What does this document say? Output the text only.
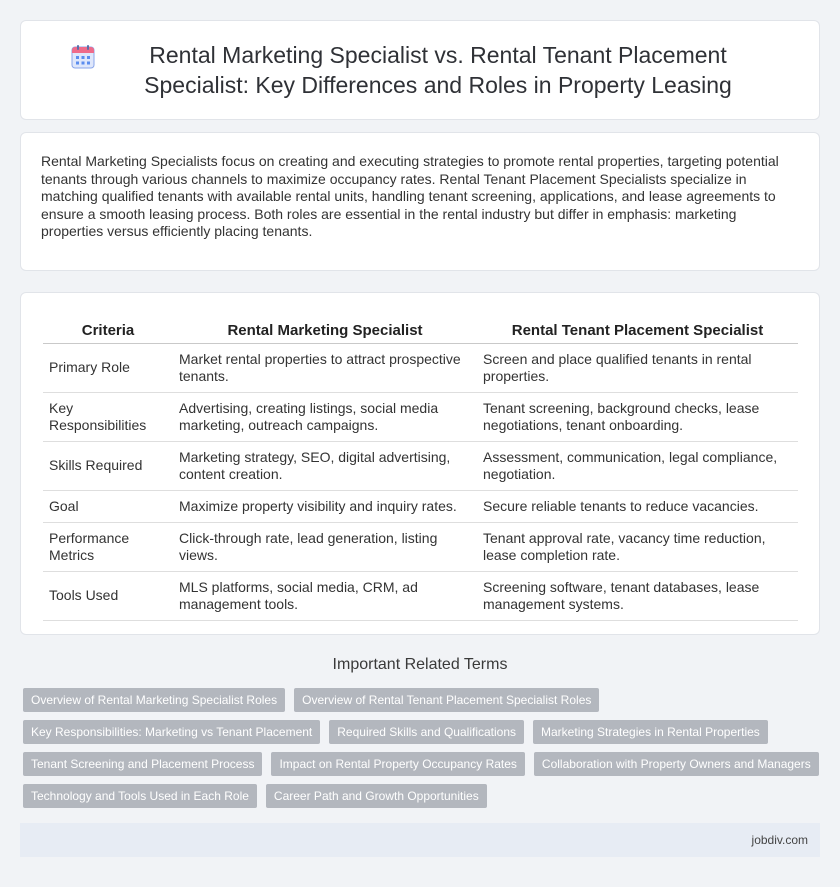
Rental Marketing Specialist vs. Rental Tenant Placement Specialist: Key Differences and Roles in Property Leasing

Rental Marketing Specialists focus on creating and executing strategies to promote rental properties, targeting potential tenants through various channels to maximize occupancy rates. Rental Tenant Placement Specialists specialize in matching qualified tenants with available rental units, handling tenant screening, applications, and lease agreements to ensure a smooth leasing process. Both roles are essential in the rental industry but differ in emphasis: marketing properties versus efficiently placing tenants.

Criteria	Rental Marketing Specialist	Rental Tenant Placement Specialist
Primary Role	Market rental properties to attract prospective tenants.	Screen and place qualified tenants in rental properties.
Key Responsibilities	Advertising, creating listings, social media marketing, outreach campaigns.	Tenant screening, background checks, lease negotiations, tenant onboarding.
Skills Required	Marketing strategy, SEO, digital advertising, content creation.	Assessment, communication, legal compliance, negotiation.
Goal	Maximize property visibility and inquiry rates.	Secure reliable tenants to reduce vacancies.
Performance Metrics	Click-through rate, lead generation, listing views.	Tenant approval rate, vacancy time reduction, lease completion rate.
Tools Used	MLS platforms, social media, CRM, ad management tools.	Screening software, tenant databases, lease management systems.
Important Related Terms
Overview of Rental Marketing Specialist Roles	Overview of Rental Tenant Placement Specialist Roles
Key Responsibilities: Marketing vs Tenant Placement	Required Skills and Qualifications	Marketing Strategies in Rental Properties
Tenant Screening and Placement Process	Impact on Rental Property Occupancy Rates	Collaboration with Property Owners and Managers
Technology and Tools Used in Each Role	Career Path and Growth Opportunities
jobdiv.com
